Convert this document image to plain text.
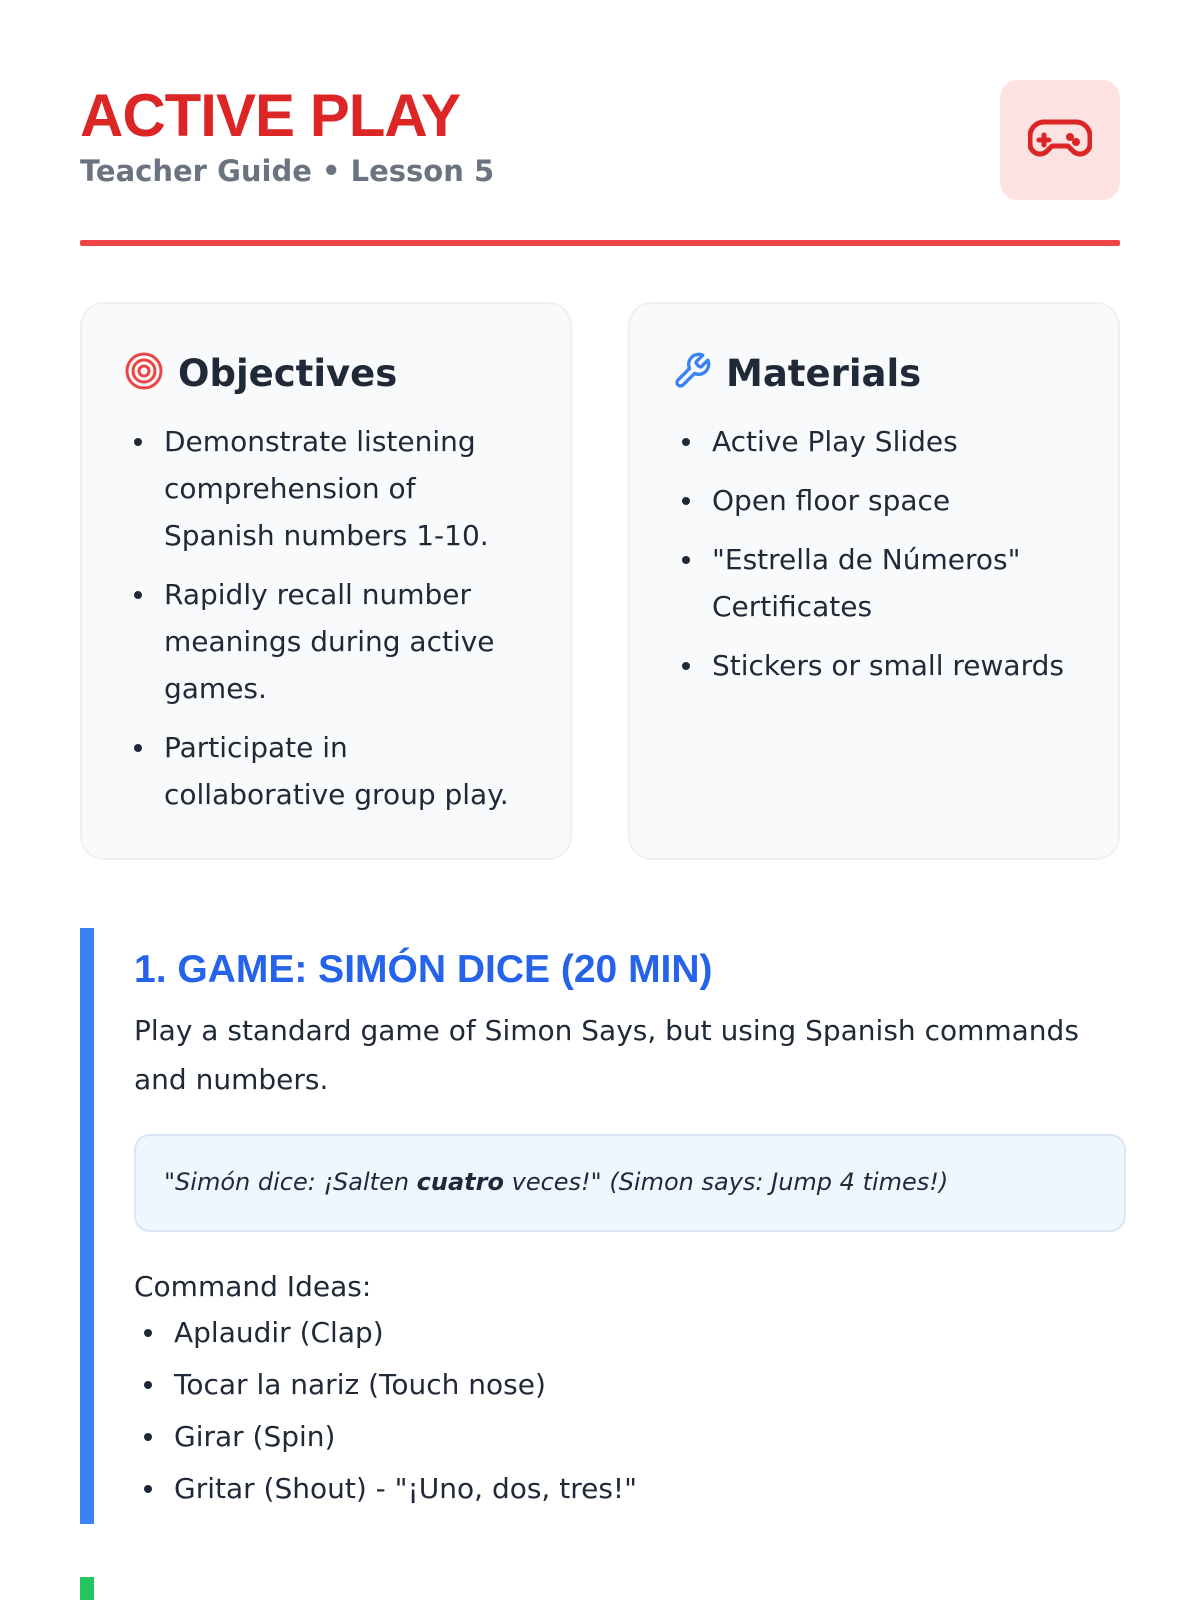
ACTIVE PLAY
Teacher Guide • Lesson 5
Objectives
Demonstrate listening comprehension of Spanish numbers 1-10.
Rapidly recall number meanings during active games.
Participate in collaborative group play.
Materials
Active Play Slides
Open floor space
"Estrella de Números" Certificates
Stickers or small rewards
1. GAME: SIMÓN DICE (20 MIN)
Play a standard game of Simon Says, but using Spanish commands and numbers.
"Simón dice: ¡Salten cuatro veces!" (Simon says: Jump 4 times!)
Command Ideas:
Aplaudir (Clap)
Tocar la nariz (Touch nose)
Girar (Spin)
Gritar (Shout) - "¡Uno, dos, tres!"
